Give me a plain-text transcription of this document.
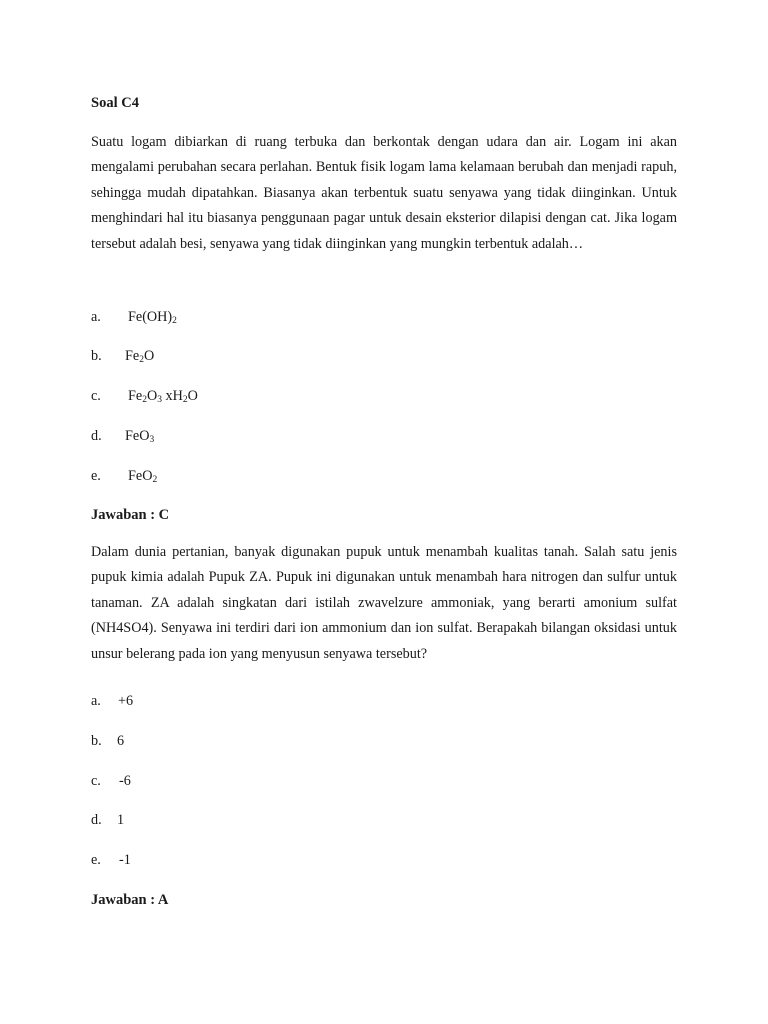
Soal C4
Suatu logam dibiarkan di ruang terbuka dan berkontak dengan udara dan air. Logam ini akan mengalami perubahan secara perlahan. Bentuk fisik logam lama kelamaan berubah dan menjadi rapuh, sehingga mudah dipatahkan. Biasanya akan terbentuk suatu senyawa yang tidak diinginkan. Untuk menghindari hal itu biasanya penggunaan pagar untuk desain eksterior dilapisi dengan cat. Jika logam tersebut adalah besi, senyawa yang tidak diinginkan yang mungkin terbentuk adalah…
a. $Fe(OH)_2$
b. $Fe_2O$
c. $Fe_2O_3$ $xH_2O$
d. FeO$_3$
e. FeO$_2$
Jawaban : C
Dalam dunia pertanian, banyak digunakan pupuk untuk menambah kualitas tanah. Salah satu jenis pupuk kimia adalah Pupuk ZA. Pupuk ini digunakan untuk menambah hara nitrogen dan sulfur untuk tanaman. ZA adalah singkatan dari istilah zwavelzure ammoniak, yang berarti amonium sulfat (NH4SO4). Senyawa ini terdiri dari ion ammonium dan ion sulfat. Berapakah bilangan oksidasi untuk unsur belerang pada ion yang menyusun senyawa tersebut?
a. +6
b. 6
c. -6
d. 1
e. -1
Jawaban : A
